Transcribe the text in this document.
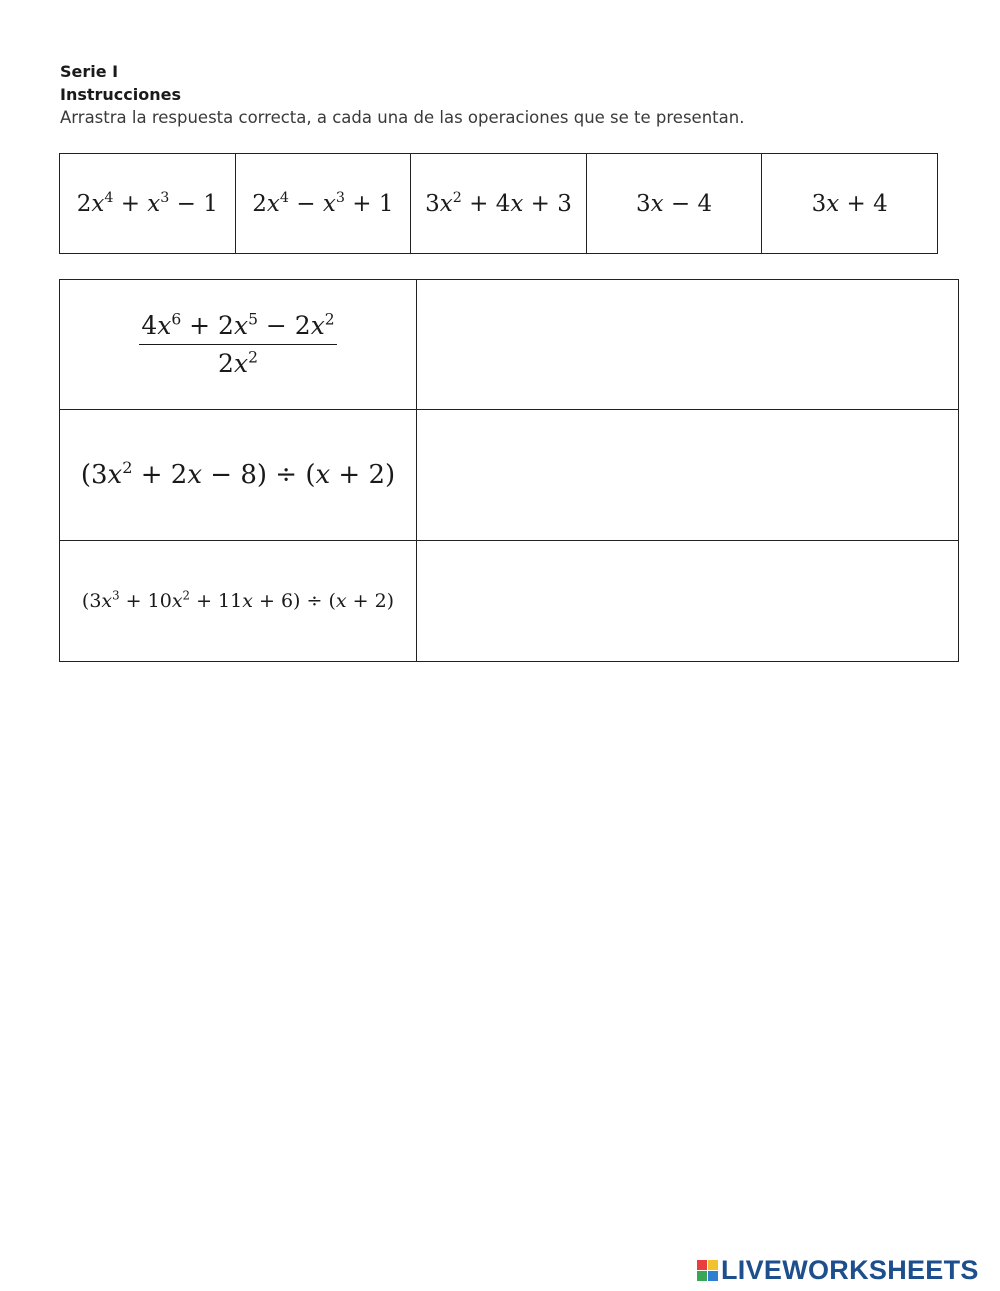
Serie I
Instrucciones
Arrastra la respuesta correcta, a cada una de las operaciones que se te presentan.
$2x^4 + x^3 - 1$	$2x^4 - x^3 + 1$	$3x^2 + 4x + 3$	3x − 4	3x + 4
$\frac{4x^6 + 2x^5 - 2x^2}{2x^2}$

$(3x^2 + 2x - 8) \div (x + 2)$	
$(3x^3 + 10x^2 + 11x + 6) \div (x + 2)$	
LIVEWORKSHEETS
